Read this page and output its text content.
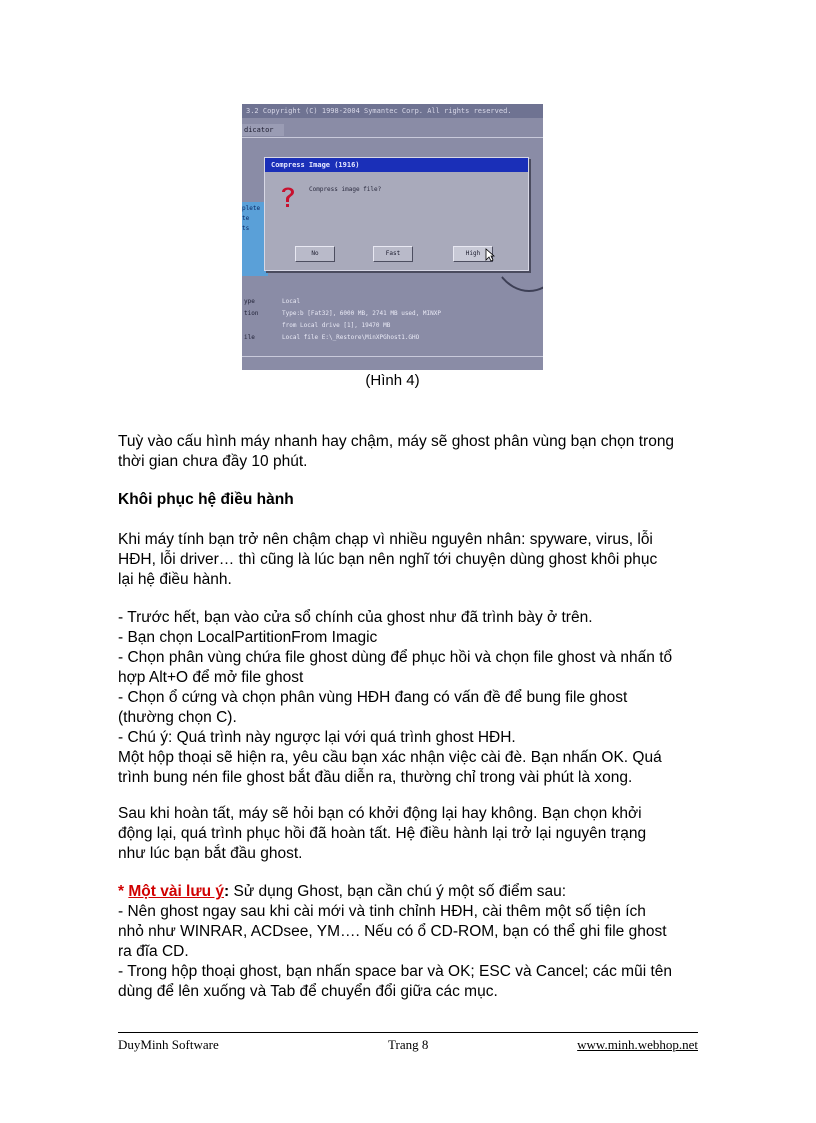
3.2 Copyright (C) 1998-2004 Symantec Corp. All rights reserved.
dicator
plete
te
ts
Compress Image (1916)
Compress image file?
No	Fast	High
ype	Local
tion	Type:b [Fat32], 6000 MB, 2741 MB used, MINXP
from Local drive [1], 19470 MB
ile	Local file E:\_Restore\MinXPGhost1.GHO
(Hình 4)

Tuỳ vào cấu hình máy nhanh hay chậm, máy sẽ ghost phân vùng bạn chọn trong
thời gian chưa đầy 10 phút.

Khôi phục hệ điều hành

Khi máy tính bạn trở nên chậm chạp vì nhiều nguyên nhân: spyware, virus, lỗi
HĐH, lỗi driver… thì cũng là lúc bạn nên nghĩ tới chuyện dùng ghost khôi phục
lại hệ điều hành.

- Trước hết, bạn vào cửa sổ chính của ghost như đã trình bày ở trên.
- Bạn chọn LocalPartitionFrom Imagic
- Chọn phân vùng chứa file ghost dùng để phục hồi và chọn file ghost và nhấn tổ
hợp Alt+O để mở file ghost
- Chọn ổ cứng và chọn phân vùng HĐH đang có vấn đề để bung file ghost
(thường chọn C).
- Chú ý: Quá trình này ngược lại với quá trình ghost HĐH.
Một hộp thoại sẽ hiện ra, yêu cầu bạn xác nhận việc cài đè. Bạn nhấn OK. Quá
trình bung nén file ghost bắt đầu diễn ra, thường chỉ trong vài phút là xong.

Sau khi hoàn tất, máy sẽ hỏi bạn có khởi động lại hay không. Bạn chọn khởi
động lại, quá trình phục hồi đã hoàn tất. Hệ điều hành lại trở lại nguyên trạng
như lúc bạn bắt đầu ghost.

* Một vài lưu ý: Sử dụng Ghost, bạn cần chú ý một số điểm sau:
- Nên ghost ngay sau khi cài mới và tinh chỉnh HĐH, cài thêm một số tiện ích
nhỏ như WINRAR, ACDsee, YM…. Nếu có ổ CD-ROM, bạn có thể ghi file ghost
ra đĩa CD.
- Trong hộp thoại ghost, bạn nhấn space bar và OK; ESC và Cancel; các mũi tên
dùng để lên xuống và Tab để chuyển đổi giữa các mục.

DuyMinh Software	Trang 8	www.minh.webhop.net
